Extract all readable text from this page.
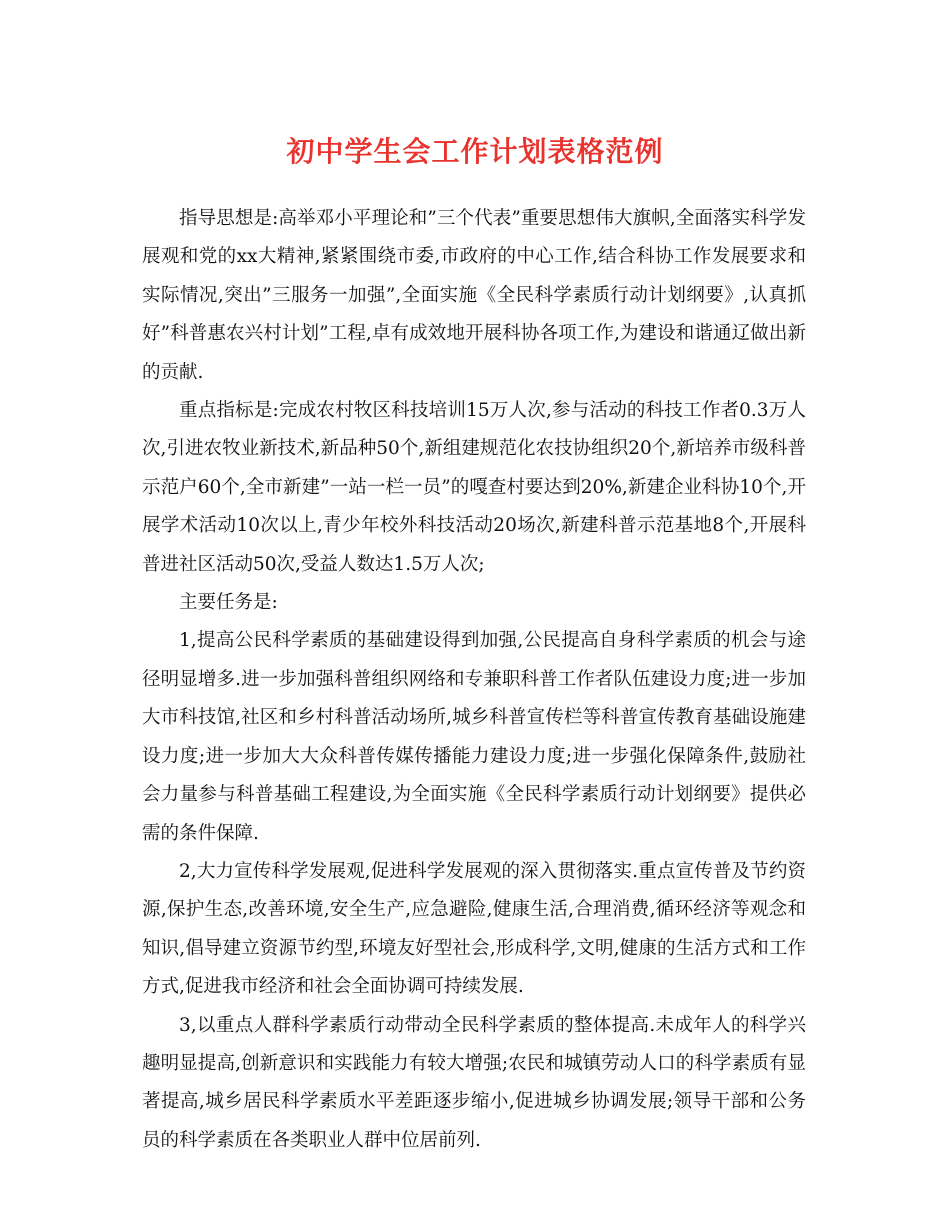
初中学生会工作计划表格范例

指导思想是:高举邓小平理论和”三个代表”重要思想伟大旗帜,全面落实科学发展观和党的xx大精神,紧紧围绕市委,市政府的中心工作,结合科协工作发展要求和实际情况,突出”三服务一加强”,全面实施《全民科学素质行动计划纲要》,认真抓好”科普惠农兴村计划”工程,卓有成效地开展科协各项工作,为建设和谐通辽做出新的贡献.

重点指标是:完成农村牧区科技培训15万人次,参与活动的科技工作者0.3万人次,引进农牧业新技术,新品种50个,新组建规范化农技协组织20个,新培养市级科普示范户60个,全市新建”一站一栏一员”的嘎查村要达到20%,新建企业科协10个,开展学术活动10次以上,青少年校外科技活动20场次,新建科普示范基地8个,开展科普进社区活动50次,受益人数达1.5万人次;

主要任务是:

1,提高公民科学素质的基础建设得到加强,公民提高自身科学素质的机会与途径明显增多.进一步加强科普组织网络和专兼职科普工作者队伍建设力度;进一步加大市科技馆,社区和乡村科普活动场所,城乡科普宣传栏等科普宣传教育基础设施建设力度;进一步加大大众科普传媒传播能力建设力度;进一步强化保障条件,鼓励社会力量参与科普基础工程建设,为全面实施《全民科学素质行动计划纲要》提供必需的条件保障.

2,大力宣传科学发展观,促进科学发展观的深入贯彻落实.重点宣传普及节约资源,保护生态,改善环境,安全生产,应急避险,健康生活,合理消费,循环经济等观念和知识,倡导建立资源节约型,环境友好型社会,形成科学,文明,健康的生活方式和工作方式,促进我市经济和社会全面协调可持续发展.

3,以重点人群科学素质行动带动全民科学素质的整体提高.未成年人的科学兴趣明显提高,创新意识和实践能力有较大增强;农民和城镇劳动人口的科学素质有显著提高,城乡居民科学素质水平差距逐步缩小,促进城乡协调发展;领导干部和公务员的科学素质在各类职业人群中位居前列.
